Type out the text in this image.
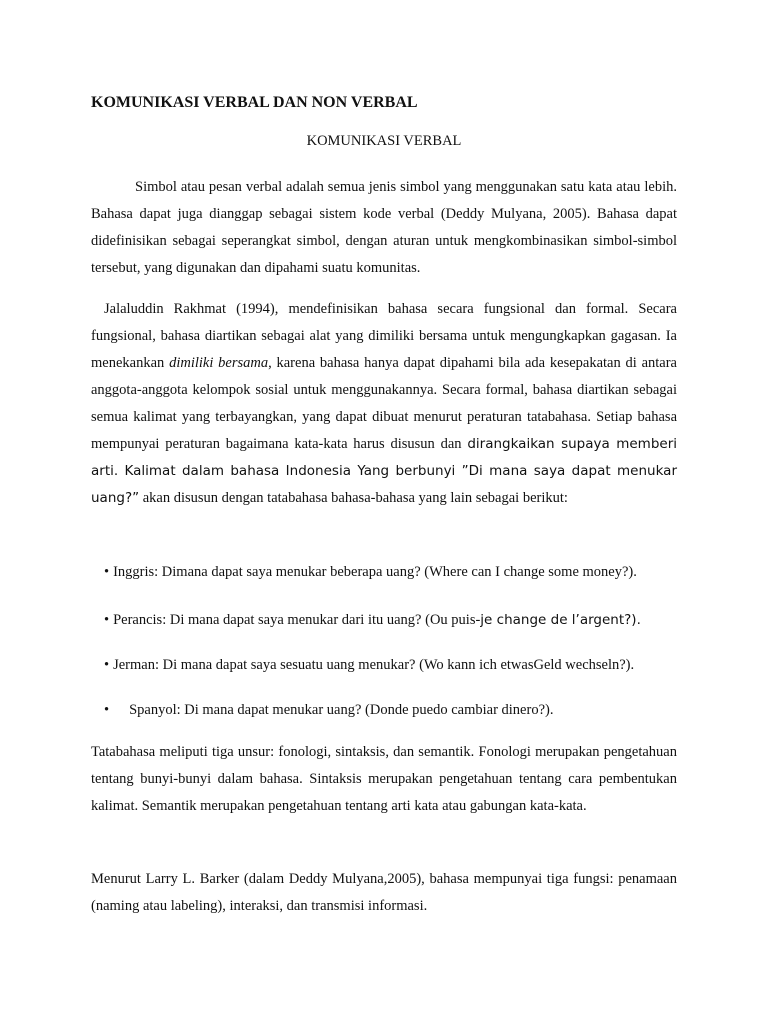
KOMUNIKASI VERBAL DAN NON VERBAL
KOMUNIKASI VERBAL

Simbol atau pesan verbal adalah semua jenis simbol yang menggunakan satu kata atau lebih. Bahasa dapat juga dianggap sebagai sistem kode verbal (Deddy Mulyana, 2005). Bahasa dapat didefinisikan sebagai seperangkat simbol, dengan aturan untuk mengkombinasikan simbol-simbol tersebut, yang digunakan dan dipahami suatu komunitas.

Jalaluddin Rakhmat (1994), mendefinisikan bahasa secara fungsional dan formal. Secara fungsional, bahasa diartikan sebagai alat yang dimiliki bersama untuk mengungkapkan gagasan. Ia menekankan dimiliki bersama, karena bahasa hanya dapat dipahami bila ada kesepakatan di antara anggota-anggota kelompok sosial untuk menggunakannya. Secara formal, bahasa diartikan sebagai semua kalimat yang terbayangkan, yang dapat dibuat menurut peraturan tatabahasa. Setiap bahasa mempunyai peraturan bagaimana kata-kata harus disusun dan dirangkaikan supaya memberi arti. Kalimat dalam bahasa Indonesia Yang berbunyi ”Di mana saya dapat menukar uang?” akan disusun dengan tatabahasa bahasa-bahasa yang lain sebagai berikut:

• Inggris: Dimana dapat saya menukar beberapa uang? (Where can I change some money?).

• Perancis: Di mana dapat saya menukar dari itu uang? (Ou puis-je change de l’argent?).

• Jerman: Di mana dapat saya sesuatu uang menukar? (Wo kann ich etwasGeld wechseln?).

• Spanyol: Di mana dapat menukar uang? (Donde puedo cambiar dinero?).

Tatabahasa meliputi tiga unsur: fonologi, sintaksis, dan semantik. Fonologi merupakan pengetahuan tentang bunyi-bunyi dalam bahasa. Sintaksis merupakan pengetahuan tentang cara pembentukan kalimat. Semantik merupakan pengetahuan tentang arti kata atau gabungan kata-kata.

Menurut Larry L. Barker (dalam Deddy Mulyana,2005), bahasa mempunyai tiga fungsi: penamaan (naming atau labeling), interaksi, dan transmisi informasi.
